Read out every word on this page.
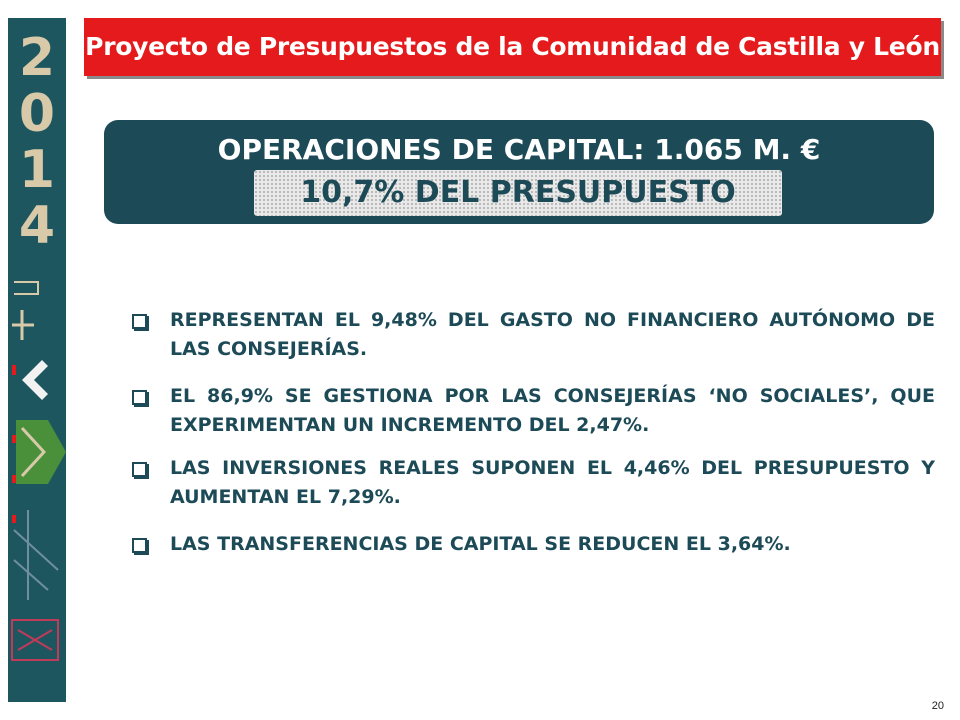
2
0
1
4
Proyecto de Presupuestos de la Comunidad de Castilla y León
OPERACIONES DE CAPITAL: 1.065 M. €
10,7% DEL PRESUPUESTO
REPRESENTAN EL 9,48% DEL GASTO NO FINANCIERO AUTÓNOMO DE LAS CONSEJERÍAS.
EL 86,9% SE GESTIONA POR LAS CONSEJERÍAS ‘NO SOCIALES’, QUE EXPERIMENTAN UN INCREMENTO DEL 2,47%.
LAS INVERSIONES REALES SUPONEN EL 4,46% DEL PRESUPUESTO Y AUMENTAN EL 7,29%.
LAS TRANSFERENCIAS DE CAPITAL SE REDUCEN EL 3,64%.
20
